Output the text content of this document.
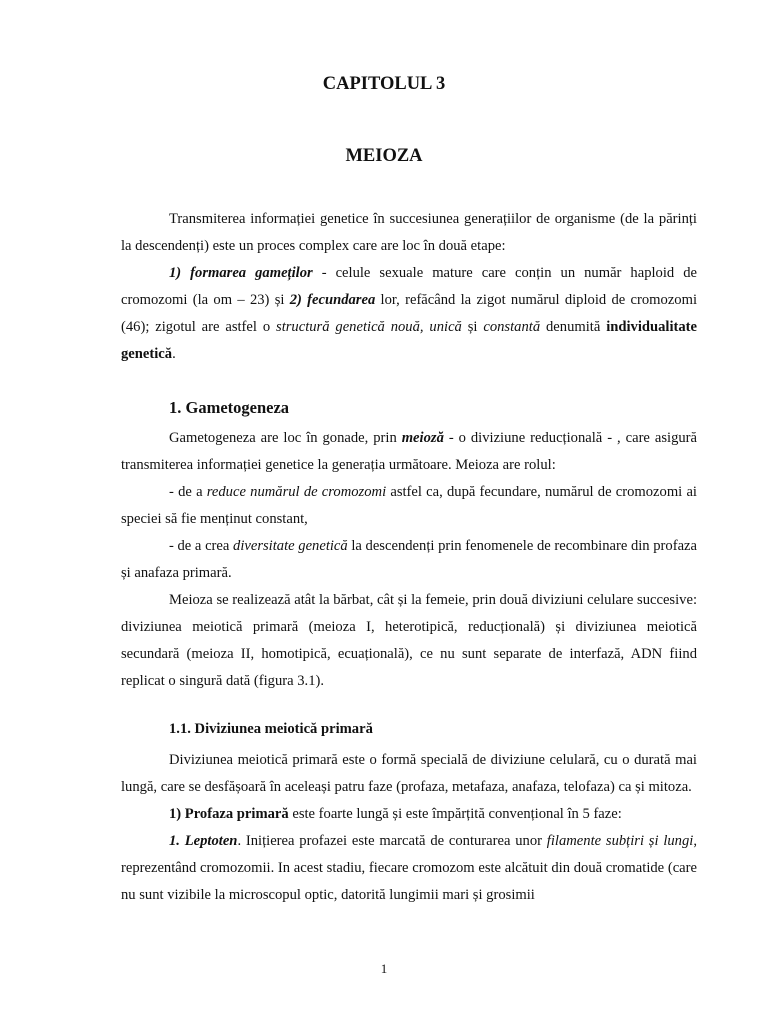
CAPITOLUL 3
MEIOZA

Transmiterea informației genetice în succesiunea generațiilor de organisme (de la părinți la descendenți) este un proces complex care are loc în două etape:

1) formarea gameților - celule sexuale mature care conțin un număr haploid de cromozomi (la om – 23) și 2) fecundarea lor, refăcând la zigot numărul diploid de cromozomi (46); zigotul are astfel o structură genetică nouă, unică și constantă denumită individualitate genetică.

1. Gametogeneza

Gametogeneza are loc în gonade, prin meioză - o diviziune reducțională - , care asigură transmiterea informației genetice la generația următoare. Meioza are rolul:

- de a reduce numărul de cromozomi astfel ca, după fecundare, numărul de cromozomi ai speciei să fie menținut constant,

- de a crea diversitate genetică la descendenți prin fenomenele de recombinare din profaza și anafaza primară.

Meioza se realizează atât la bărbat, cât și la femeie, prin două diviziuni celulare succesive: diviziunea meiotică primară (meioza I, heterotipică, reducțională) și diviziunea meiotică secundară (meioza II, homotipică, ecuațională), ce nu sunt separate de interfază, ADN fiind replicat o singură dată (figura 3.1).

1.1. Diviziunea meiotică primară

Diviziunea meiotică primară este o formă specială de diviziune celulară, cu o durată mai lungă, care se desfășoară în aceleași patru faze (profaza, metafaza, anafaza, telofaza) ca și mitoza.

1) Profaza primară este foarte lungă și este împărțită convențional în 5 faze:

1. Leptoten. Inițierea profazei este marcată de conturarea unor filamente subțiri și lungi, reprezentând cromozomii. In acest stadiu, fiecare cromozom este alcătuit din două cromatide (care nu sunt vizibile la microscopul optic, datorită lungimii mari și grosimii

1
